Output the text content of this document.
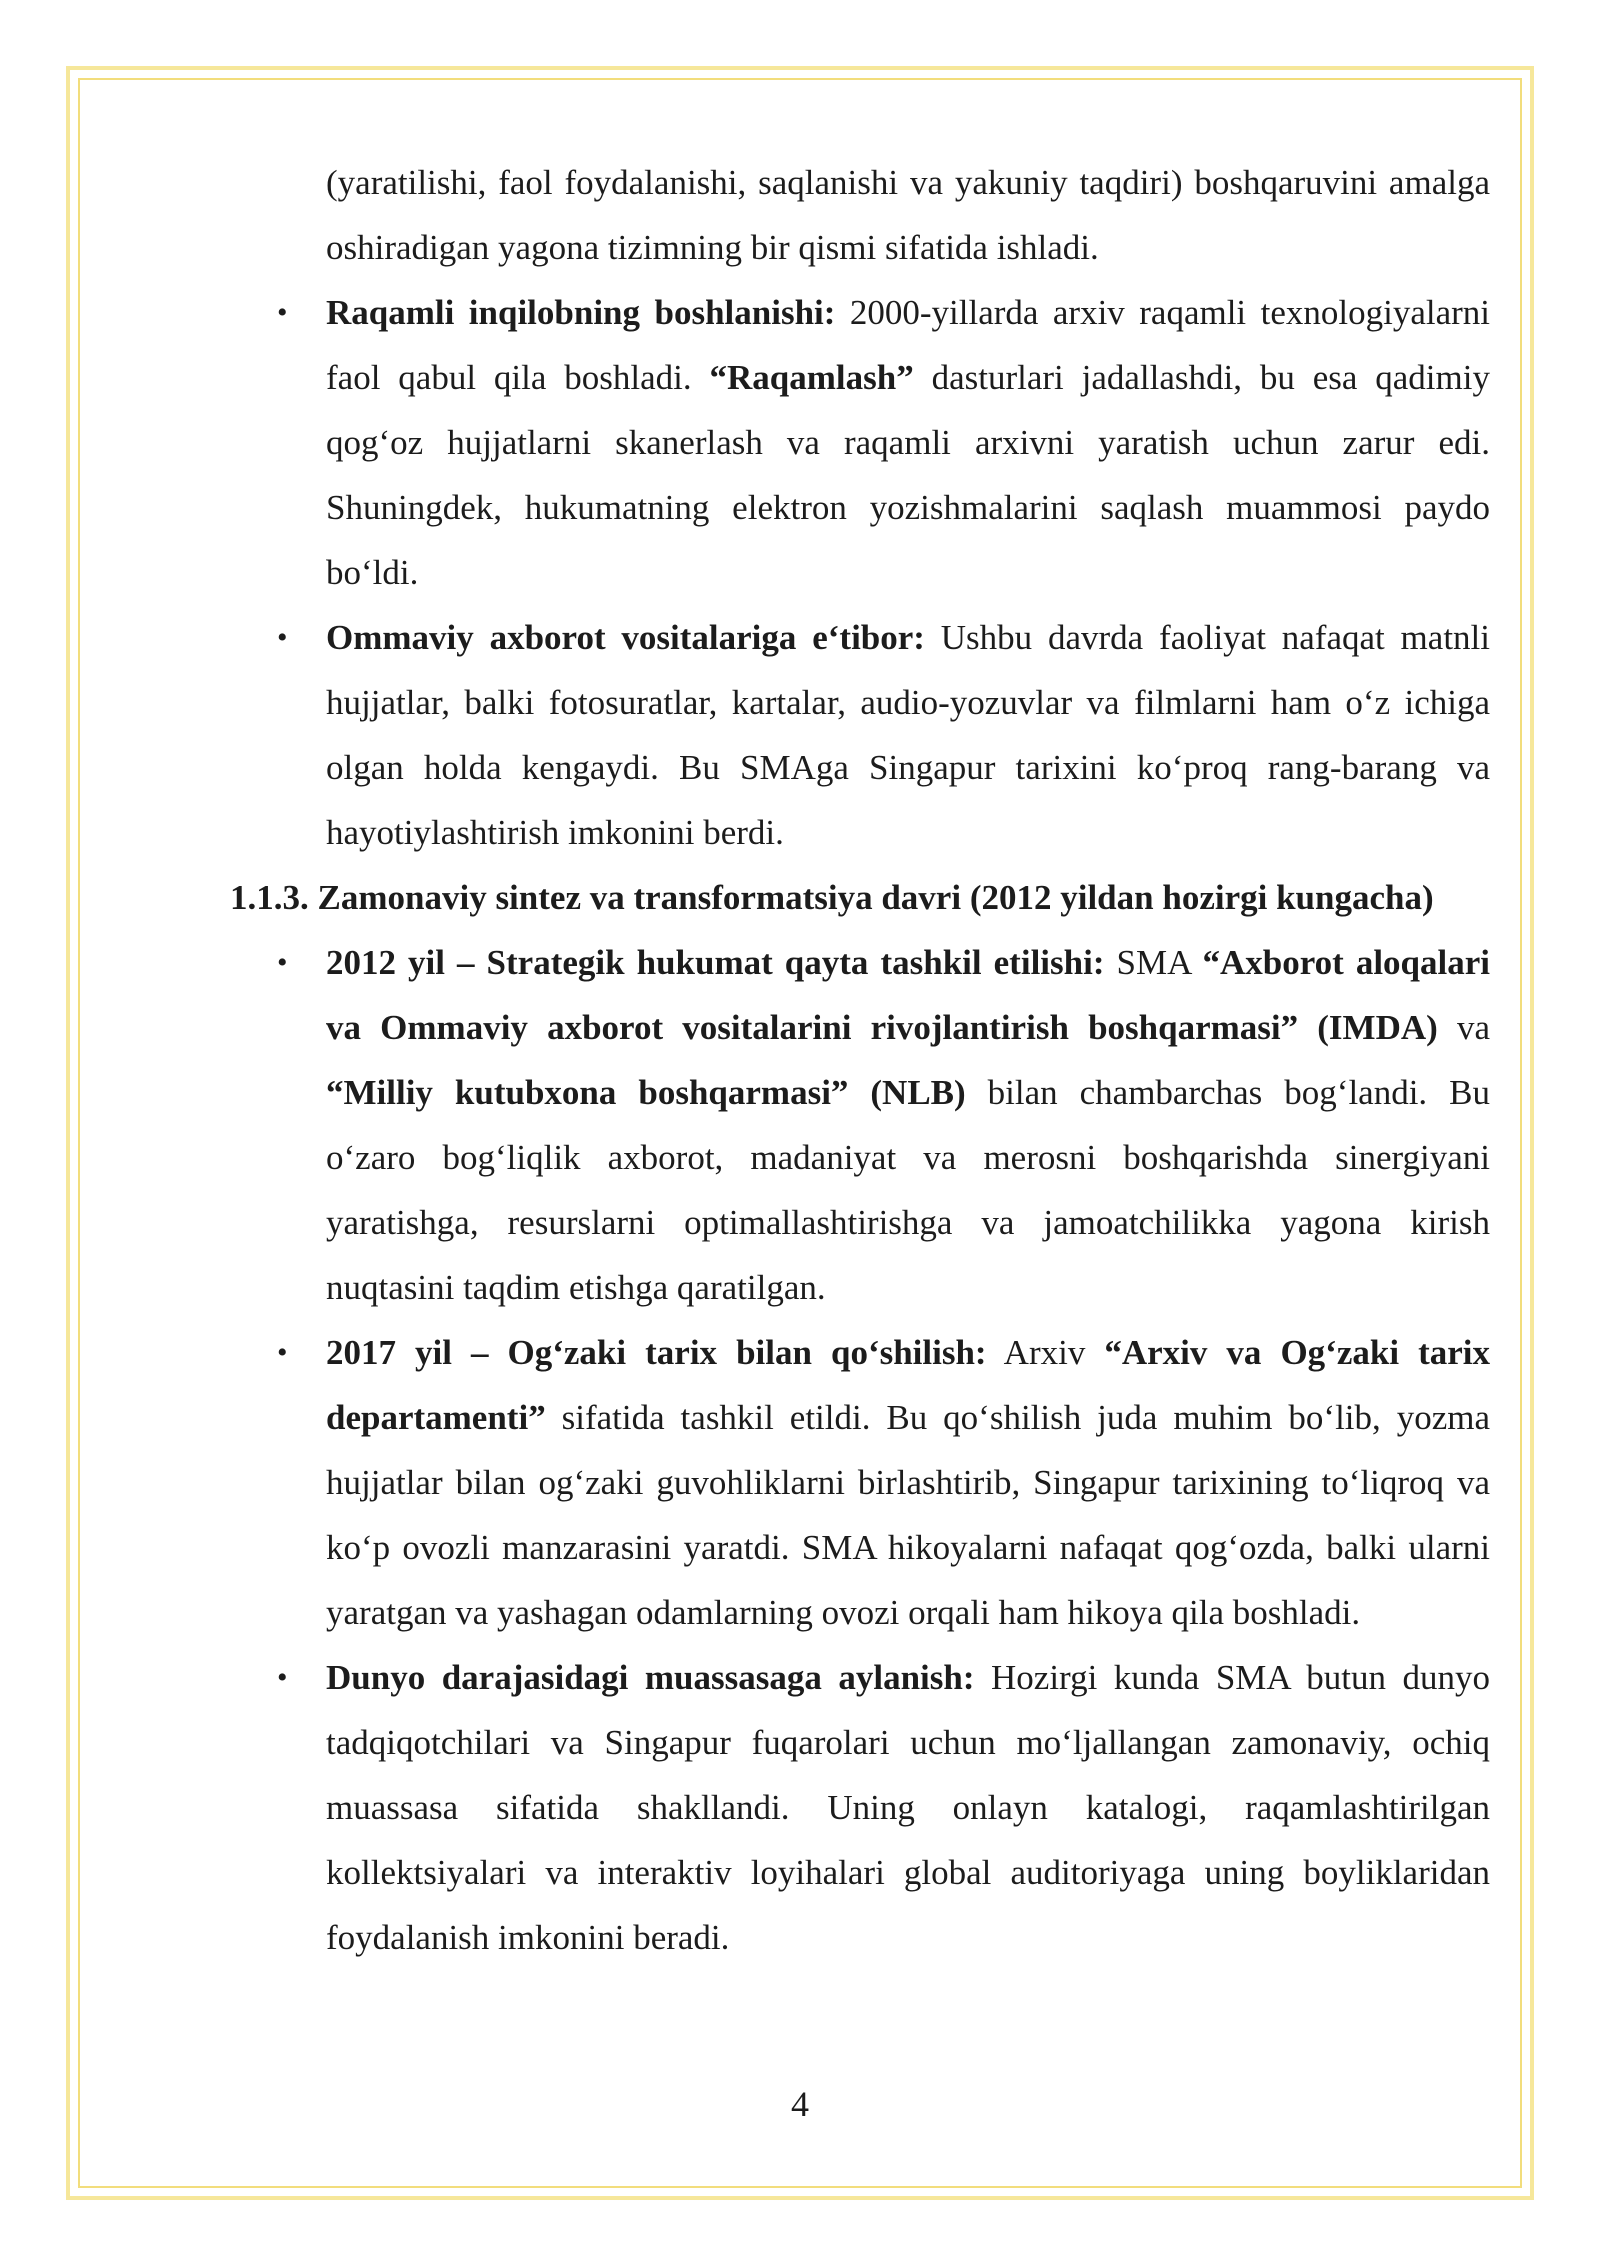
(yaratilishi, faol foydalanishi, saqlanishi va yakuniy taqdiri) boshqaruvini amalga oshiradigan yagona tizimning bir qismi sifatida ishladi.

• Raqamli inqilobning boshlanishi: 2000-yillarda arxiv raqamli texnologiyalarni faol qabul qila boshladi. “Raqamlash” dasturlari jadallashdi, bu esa qadimiy qog‘oz hujjatlarni skanerlash va raqamli arxivni yaratish uchun zarur edi. Shuningdek, hukumatning elektron yozishmalarini saqlash muammosi paydo bo‘ldi.

• Ommaviy axborot vositalariga e‘tibor: Ushbu davrda faoliyat nafaqat matnli hujjatlar, balki fotosuratlar, kartalar, audio-yozuvlar va filmlarni ham o‘z ichiga olgan holda kengaydi. Bu SMAga Singapur tarixini ko‘proq rang-barang va hayotiylashtirish imkonini berdi.

1.1.3. Zamonaviy sintez va transformatsiya davri (2012 yildan hozirgi kungacha)

• 2012 yil – Strategik hukumat qayta tashkil etilishi: SMA “Axborot aloqalari va Ommaviy axborot vositalarini rivojlantirish boshqarmasi” (IMDA) va “Milliy kutubxona boshqarmasi” (NLB) bilan chambarchas bog‘landi. Bu o‘zaro bog‘liqlik axborot, madaniyat va merosni boshqarishda sinergiyani yaratishga, resurslarni optimallashtirishga va jamoatchilikka yagona kirish nuqtasini taqdim etishga qaratilgan.

• 2017 yil – Og‘zaki tarix bilan qo‘shilish: Arxiv “Arxiv va Og‘zaki tarix departamenti” sifatida tashkil etildi. Bu qo‘shilish juda muhim bo‘lib, yozma hujjatlar bilan og‘zaki guvohliklarni birlashtirib, Singapur tarixining to‘liqroq va ko‘p ovozli manzarasini yaratdi. SMA hikoyalarni nafaqat qog‘ozda, balki ularni yaratgan va yashagan odamlarning ovozi orqali ham hikoya qila boshladi.

• Dunyo darajasidagi muassasaga aylanish: Hozirgi kunda SMA butun dunyo tadqiqotchilari va Singapur fuqarolari uchun mo‘ljallangan zamonaviy, ochiq muassasa sifatida shakllandi. Uning onlayn katalogi, raqamlashtirilgan kollektsiyalari va interaktiv loyihalari global auditoriyaga uning boyliklaridan foydalanish imkonini beradi.

4
